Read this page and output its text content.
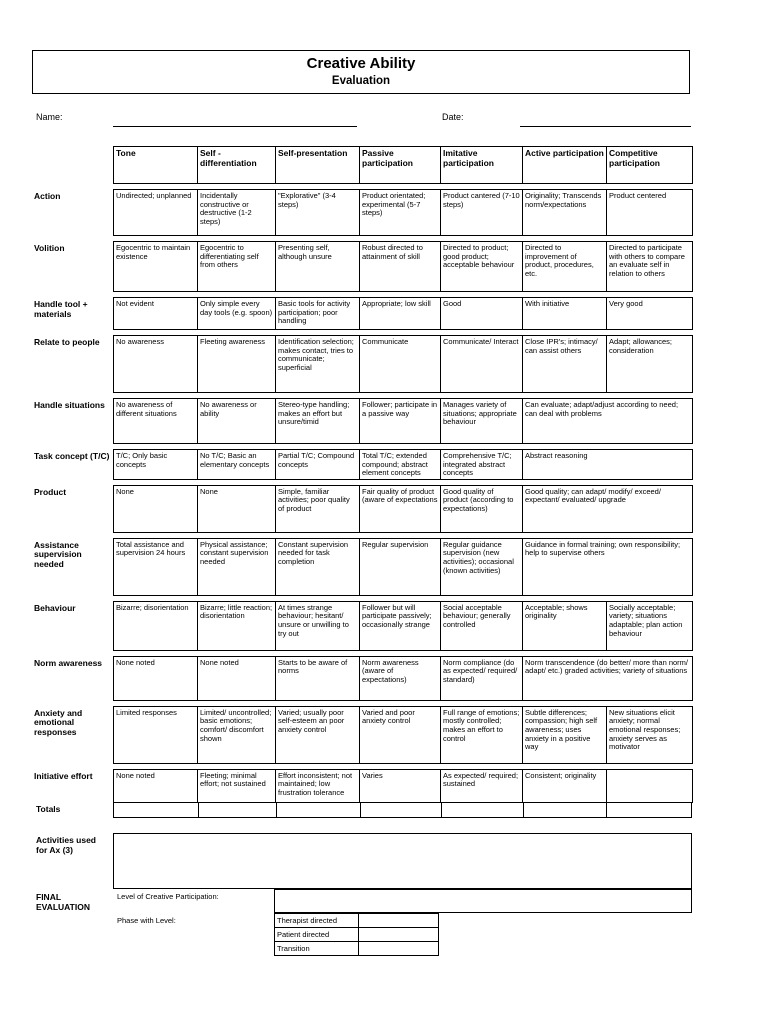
Creative Ability
Evaluation
Name:	Date:
	Tone	Self - differentiation	Self-presentation	Passive participation	Imitative participation	Active participation	Competitive participation
Action	Undirected; unplanned	Incidentally constructive or destructive (1-2 steps)	"Explorative" (3-4 steps)	Product orientated; experimental (5-7 steps)	Product cantered (7-10 steps)	Originality; Transcends norm/expectations	Product centered
Volition	Egocentric to maintain existence	Egocentric to differentiating self from others	Presenting self, although unsure	Robust directed to attainment of skill	Directed to product; good product; acceptable behaviour	Directed to improvement of product, procedures, etc.	Directed to participate with others to compare an evaluate self in relation to others
Handle tool + materials	Not evident	Only simple every day tools (e.g. spoon)	Basic tools for activity participation; poor handling	Appropriate; low skill	Good	With initiative	Very good
Relate to people	No awareness	Fleeting awareness	Identification selection; makes contact, tries to communicate; superficial	Communicate	Communicate/ Interact	Close IPR's; intimacy/ can assist others	Adapt; allowances; consideration
Handle situations	No awareness of different situations	No awareness or ability	Stereo-type handling; makes an effort but unsure/timid	Follower; participate in a passive way	Manages variety of situations; appropriate behaviour	Can evaluate; adapt/adjust according to need; can deal with problems	
Task concept (T/C)	T/C; Only basic concepts	No T/C; Basic an elementary concepts	Partial T/C; Compound concepts	Total T/C; extended compound; abstract element concepts	Comprehensive T/C; integrated abstract concepts	Abstract reasoning	
Product	None	None	Simple, familiar activities; poor quality of product	Fair quality of product (aware of expectations	Good quality of product (according to expectations)	Good quality; can adapt/ modify/ exceed/ expectant/ evaluated/ upgrade	
Assistance supervision needed	Total assistance and supervision 24 hours	Physical assistance; constant supervision needed	Constant supervision needed for task completion	Regular supervision	Regular guidance supervision (new activities); occasional (known activities)	Guidance in formal training; own responsibility; help to supervise others	
Behaviour	Bizarre; disorientation	Bizarre; little reaction; disorientation	At times strange behaviour; hesitant/ unsure or unwilling to try out	Follower but will participate passively; occasionally strange	Social acceptable behaviour; generally controlled	Acceptable; shows originality	Socially acceptable; variety; situations adaptable; plan action behaviour
Norm awareness	None noted	None noted	Starts to be aware of norms	Norm awareness (aware of expectations)	Norm compliance (do as expected/ required/ standard)	Norm transcendence (do better/ more than norm/ adapt/ etc.) graded activities; variety of situations	
Anxiety and emotional responses	Limited responses	Limited/ uncontrolled; basic emotions; comfort/ discomfort shown	Varied; usually poor self-esteem an poor anxiety control	Varied and poor anxiety control	Full range of emotions; mostly controlled; makes an effort to control	Subtle differences; compassion; high self awareness; uses anxiety in a positive way	New situations elicit anxiety; normal emotional responses; anxiety serves as motivator
Initiative effort	None noted	Fleeting; minimal effort; not sustained	Effort inconsistent; not maintained; low frustration tolerance	Varies	As expected/ required; sustained	Consistent; originality	
Totals
Activities used for Ax (3)
FINAL EVALUATION
Level of Creative Participation:
Phase with Level:	Therapist directed	
Patient directed	
Transition	
